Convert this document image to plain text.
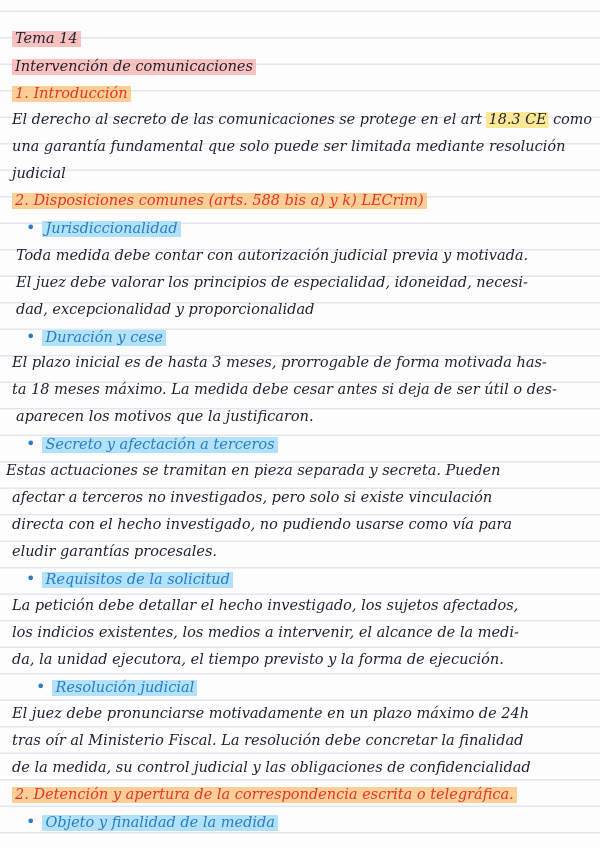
Tema 14
Intervención de comunicaciones
1. Introducción
El derecho al secreto de las comunicaciones se protege en el art 18.3 CE como
una garantía fundamental que solo puede ser limitada mediante resolución
judicial
2. Disposiciones comunes (arts. 588 bis a) y k) LECrim)
• Jurisdiccionalidad
Toda medida debe contar con autorización judicial previa y motivada.
El juez debe valorar los principios de especialidad, idoneidad, necesi-
dad, excepcionalidad y proporcionalidad
• Duración y cese
El plazo inicial es de hasta 3 meses, prorrogable de forma motivada has-
ta 18 meses máximo. La medida debe cesar antes si deja de ser útil o des-
aparecen los motivos que la justificaron.
• Secreto y afectación a terceros
Estas actuaciones se tramitan en pieza separada y secreta. Pueden
afectar a terceros no investigados, pero solo si existe vinculación
directa con el hecho investigado, no pudiendo usarse como vía para
eludir garantías procesales.
• Requisitos de la solicitud
La petición debe detallar el hecho investigado, los sujetos afectados,
los indicios existentes, los medios a intervenir, el alcance de la medi-
da, la unidad ejecutora, el tiempo previsto y la forma de ejecución.
• Resolución judicial
El juez debe pronunciarse motivadamente en un plazo máximo de 24h
tras oír al Ministerio Fiscal. La resolución debe concretar la finalidad
de la medida, su control judicial y las obligaciones de confidencialidad
2. Detención y apertura de la correspondencia escrita o telegráfica.
• Objeto y finalidad de la medida
